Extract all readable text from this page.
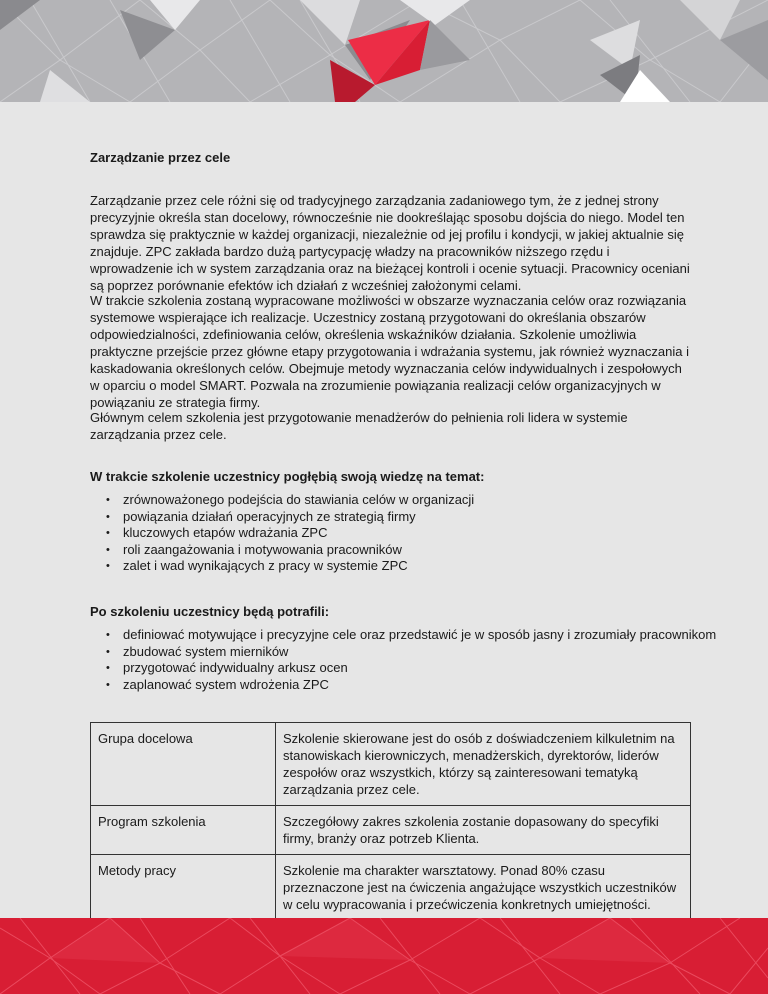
Zarządzanie przez cele

Zarządzanie przez cele różni się od tradycyjnego zarządzania zadaniowego tym, że z jednej strony precyzyjnie określa stan docelowy, równocześnie nie dookreślając sposobu dojścia do niego. Model ten sprawdza się praktycznie w każdej organizacji, niezależnie od jej profilu i kondycji, w jakiej aktualnie się znajduje. ZPC zakłada bardzo dużą partycypację władzy na pracowników niższego rzędu i wprowadzenie ich w system zarządzania oraz na bieżącej kontroli i ocenie sytuacji. Pracownicy oceniani są poprzez porównanie efektów ich działań z wcześniej założonymi celami.

W trakcie szkolenia zostaną wypracowane możliwości w obszarze wyznaczania celów oraz rozwiązania systemowe wspierające ich realizacje. Uczestnicy zostaną przygotowani do określania obszarów odpowiedzialności, zdefiniowania celów, określenia wskaźników działania. Szkolenie umożliwia praktyczne przejście przez główne etapy przygotowania i wdrażania systemu, jak również wyznaczania i kaskadowania określonych celów. Obejmuje metody wyznaczania celów indywidualnych i zespołowych w oparciu o model SMART. Pozwala na zrozumienie powiązania realizacji celów organizacyjnych w powiązaniu ze strategia firmy.

Głównym celem szkolenia jest przygotowanie menadżerów do pełnienia roli lidera w systemie zarządzania przez cele.

W trakcie szkolenie uczestnicy pogłębią swoją wiedzę na temat:

• zrównoważonego podejścia do stawiania celów w organizacji
• powiązania działań operacyjnych ze strategią firmy
• kluczowych etapów wdrażania ZPC
• roli zaangażowania i motywowania pracowników
• zalet i wad wynikających z pracy w systemie ZPC

Po szkoleniu uczestnicy będą potrafili:

• definiować motywujące i precyzyjne cele oraz przedstawić je w sposób jasny i zrozumiały pracownikom
• zbudować system mierników
• przygotować indywidualny arkusz ocen
• zaplanować system wdrożenia ZPC
Grupa docelowa	Szkolenie skierowane jest do osób z doświadczeniem kilkuletnim na stanowiskach kierowniczych, menadżerskich, dyrektorów, liderów zespołów oraz wszystkich, którzy są zainteresowani tematyką zarządzania przez cele.
Program szkolenia	Szczegółowy zakres szkolenia zostanie dopasowany do specyfiki firmy, branży oraz potrzeb Klienta.
Metody pracy	Szkolenie ma charakter warsztatowy. Ponad 80% czasu przeznaczone jest na ćwiczenia angażujące wszystkich uczestników w celu wypracowania i przećwiczenia konkretnych umiejętności.
